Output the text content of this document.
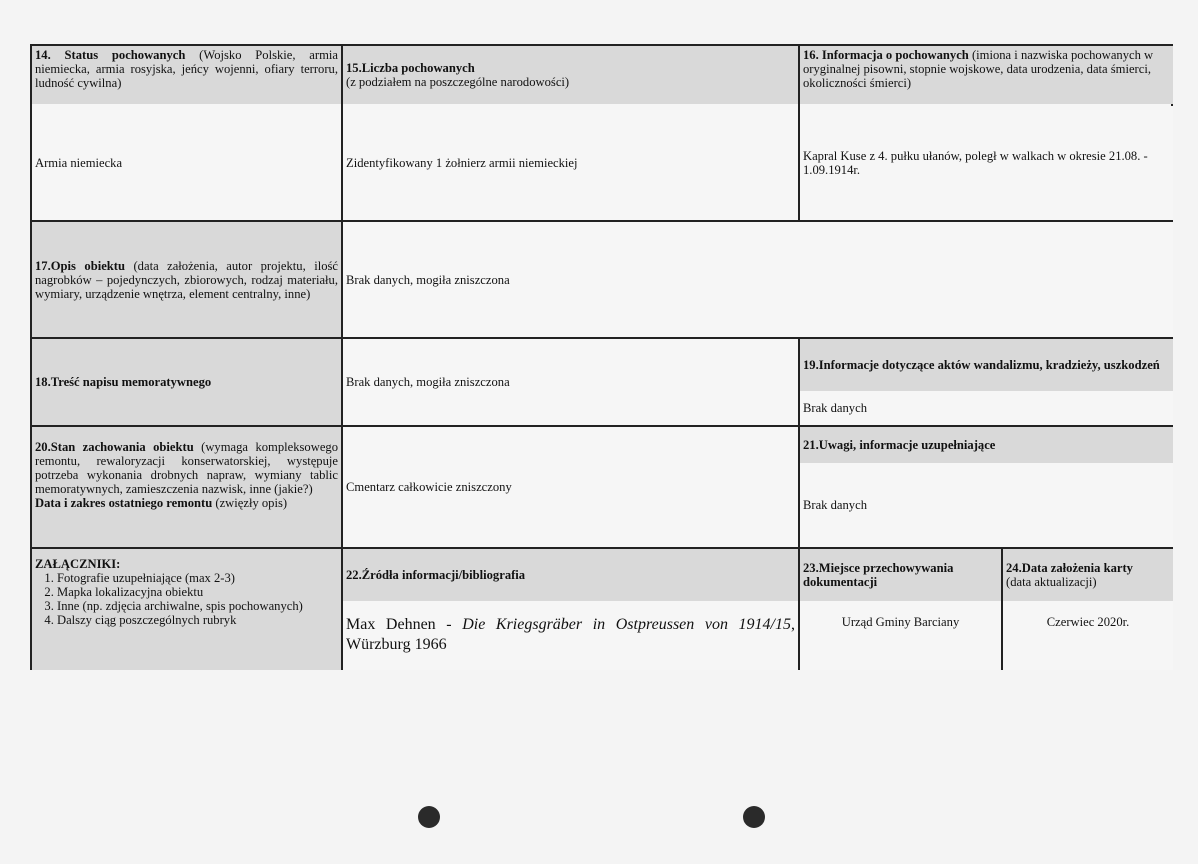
14. Status pochowanych (Wojsko Polskie, armia niemiecka, armia rosyjska, jeńcy wojenni, ofiary terroru, ludność cywilna)
Armia niemiecka
15.Liczba pochowanych
(z podziałem na poszczególne narodowości)
Zidentyfikowany 1 żołnierz armii niemieckiej
16. Informacja o pochowanych (imiona i nazwiska pochowanych w oryginalnej pisowni, stopnie wojskowe, data urodzenia, data śmierci, okoliczności śmierci)
Kapral Kuse z 4. pułku ułanów, poległ w walkach w okresie 21.08. - 1.09.1914r.
17.Opis obiektu (data założenia, autor projektu, ilość nagrobków – pojedynczych, zbiorowych, rodzaj materiału, wymiary, urządzenie wnętrza, element centralny, inne)
Brak danych, mogiła zniszczona
18.Treść napisu memoratywnego	Brak danych, mogiła zniszczona
19.Informacje dotyczące aktów wandalizmu, kradzieży, uszkodzeń
Brak danych
20.Stan zachowania obiektu (wymaga kompleksowego remontu, rewaloryzacji konserwatorskiej, występuje potrzeba wykonania drobnych napraw, wymiany tablic memoratywnych, zamieszczenia nazwisk, inne (jakie?)
Data i zakres ostatniego remontu (zwięzły opis)
Cmentarz całkowicie zniszczony
21.Uwagi, informacje uzupełniające
Brak danych
ZAŁĄCZNIKI:
1. Fotografie uzupełniające (max 2-3)
2. Mapka lokalizacyjna obiektu
3. Inne (np. zdjęcia archiwalne, spis pochowanych)
4. Dalszy ciąg poszczególnych rubryk
22.Źródła informacji/bibliografia
Max Dehnen - Die Kriegsgräber in Ostpreussen von 1914/15, Würzburg 1966
23.Miejsce przechowywania dokumentacji
Urząd Gminy Barciany
24.Data założenia karty
(data aktualizacji)
Czerwiec 2020r.
